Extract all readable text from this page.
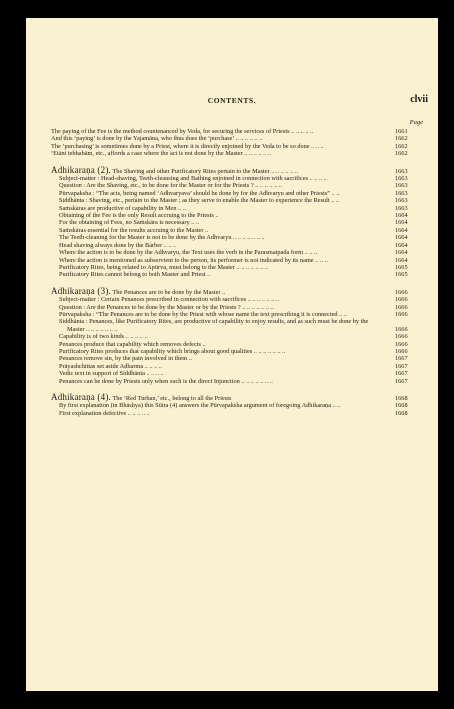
CONTENTS.	clvii
Page
The paying of the Fee is the method countenanced by Veda, for securing the services of Priests .. .. .. .. ..	1661
And this ‘paying’ is done by the Yajamāna, who thus does the ‘purchase’ .. .. .. .. .. ..	1662
The ‘purchasing’ is sometimes done by a Priest, where it is directly enjoined by the Veda to be so done .. .. ..	1662
‘Etāni tebhabām, etc., affords a case where the act is not done by the Master .. .. .. .. .. ..	1662
Adhikaraṇa (2). The Shaving and other Purificatory Rites pertain to the Master .. .. .. .. .. ..	1663
Subject-matter : Head-shaving, Teeth-cleansing and Bathing enjoined in connection with sacrifices .. .. .. ..	1663
Question : Are the Shaving, etc., to be done for the Master or for the Priests ? .. .. .. .. .. ..	1663
Pūrvapaksha : “The acts, being named ‘Adhvaryava’ should be done by for the Adhvaryu and other Priests” .. ..	1663
Siddhānta : Shaving, etc., pertain to the Master ; as they serve to enable the Master to experience the Result .. ..	1663
Saṁskāras are productive of capability in Men .. ..	1663
Obtaining of the Fee is the only Result accruing to the Priests ..	1664
For the obtaining of Fees, no Saṁskāra is necessary .. ..	1664
Saṁskāras essential for the results accruing to the Master ..	1664
The Teeth-cleaning for the Master is not to be done by the Adhvaryu .. .. .. .. .. .. ..	1664
Head shaving always done by the Barber .. .. ..	1664
Where the action is to be done by the Adhvaryu, the Text uses the verb in the Parasmaipada form .. .. ..	1664
Where the action is mentioned as subservient to the person, its performer is not indicated by its name .. .. ..	1664
Purificatory Rites, being related to Apūrva, must belong to the Master .. .. .. .. .. .. ..	1665
Purificatory Rites cannot belong to both Master and Priest ..	1665
Adhikaraṇa (3). The Penances are to be done by the Master ..	1666
Subject-matter : Certain Penances prescribed in connection with sacrifices .. .. .. .. .. .. ..	1666
Question : Are the Penances to be done by the Master or by the Priests ? .. .. .. .. .. .. ..	1666
Pūrvapaksha : “The Penances are to be done by the Priest with whose name the text prescribing it is connected .. ..	1666
Siddhānta : Penances, like Purificatory Rites, are productive of capability to enjoy results, and as such must be done by the Master .. .. .. .. .. .. ..	1666
Capability is of two kinds .. .. .. .. ..	1666
Penances produce that capability which removes defects ..	1666
Purificatory Rites produces that capability which brings about good qualities .. .. .. .. .. .. ..	1666
Penances remove sin, by the pain involved in them ..	1667
Prāyashchittas set aside Adharma .. .. .. ..	1667
Vedic text in support of Siddhānta .. .. .. ..	1667
Penances can be done by Priests only when such is the direct Injunction .. .. .. .. .. .. ..	1667
Adhikaraṇa (4). The ‘Red Turban,’ etc., belong to all the Priests	1668
By first explanation (in Bhāshya) this Sūtra (4) answers the Pūrvapaksha argument of foregoing Adhikaraṇa .. ..	1668
First explanation defective .. .. .. .. ..	1668
